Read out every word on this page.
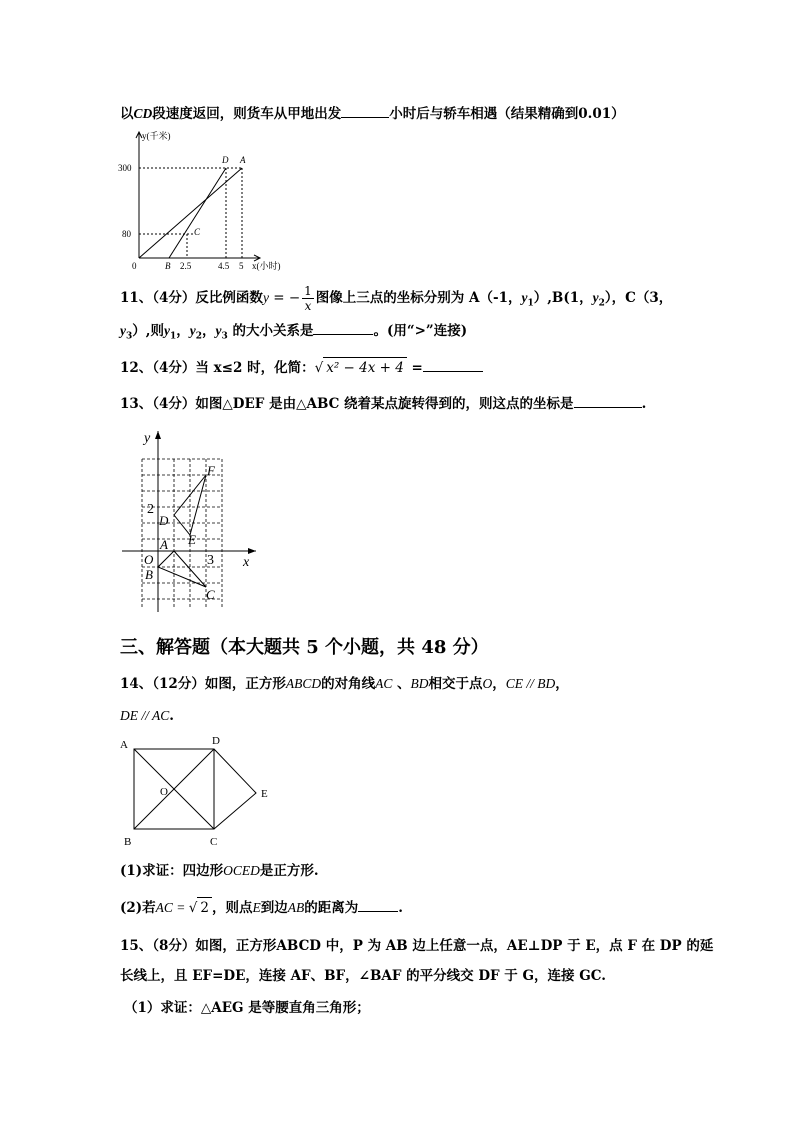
以CD段速度返回，则货车从甲地出发	小时后与轿车相遇（结果精确到0.01）
y(千米)
300
80
0	B 2.5	4.5 5 x(小时)
C
D A
11、（4分）反比例函数y = − $\frac{1}{x}$ 图像上三点的坐标分别为 A（-1，$y_1),B(1$，$y_2$），C（3，
$y_3$）,则$y_1$，$y_2$，$y_3$ 的大小关系是	。(用“>”连接)
12、（4分）当 x≤2 时，化简：√ x² − 4x + 4 =
13、（4分）如图△DEF 是由△ABC 绕着某点旋转得到的，则这点的坐标是	.
y
x
O
2
3
A
B
C
D
E
F
三、解答题（本大题共 5 个小题，共 48 分）
14、（12分）如图，正方形ABCD的对角线AC 、BD相交于点O，CE // BD，
DE // AC.
A	D
O	E
B	C
(1)求证：四边形OCED是正方形.
(2)若AC = √ 2 ，则点E到边AB的距离为	.
15、（8分）如图，正方形ABCD 中，P 为 AB 边上任意一点，AE⊥DP 于 E，点 F 在 DP 的延
长线上，且 EF=DE，连接 AF、BF，∠BAF 的平分线交 DF 于 G，连接 GC.
（1）求证：△AEG 是等腰直角三角形；
